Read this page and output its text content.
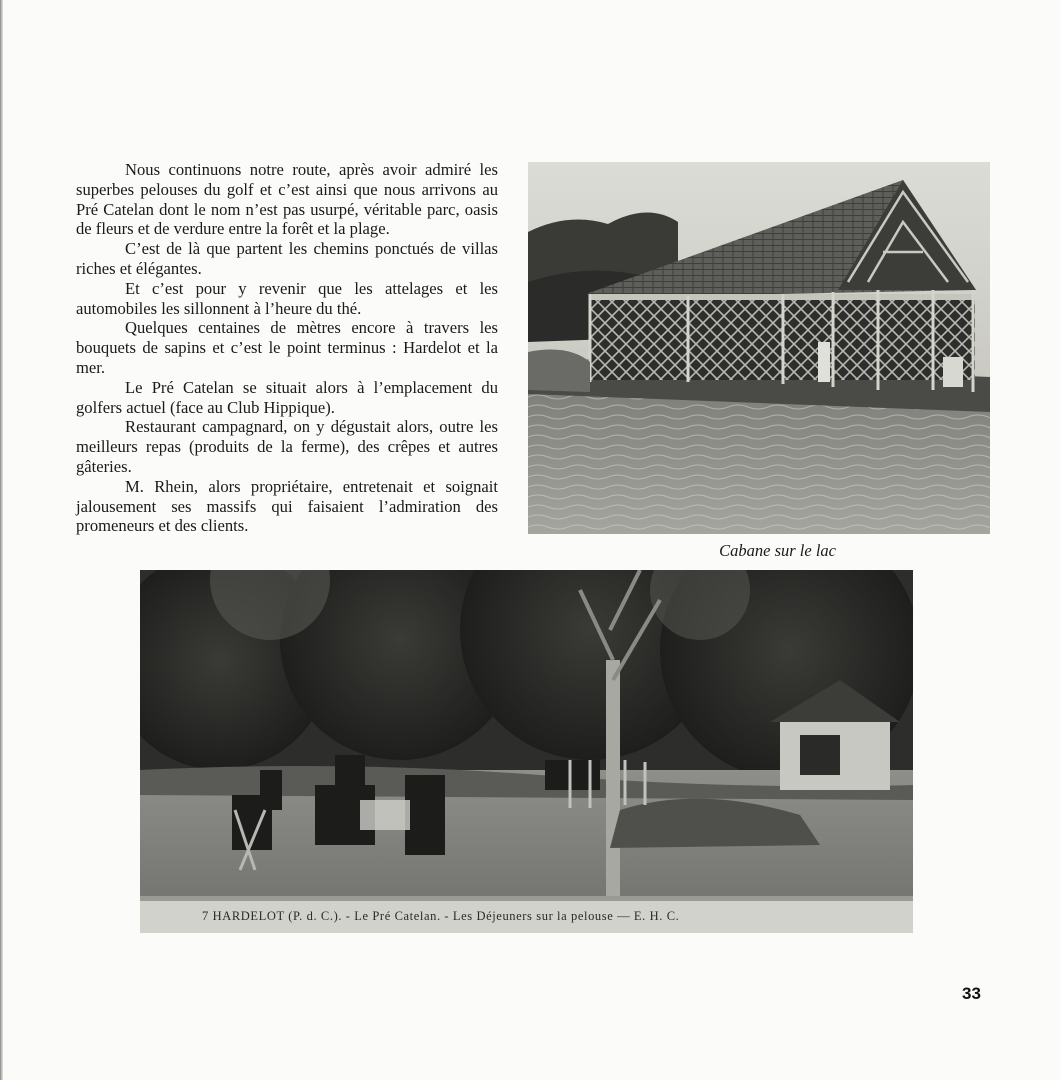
Nous continuons notre route, après avoir admiré les superbes pelouses du golf et c’est ainsi que nous arrivons au Pré Catelan dont le nom n’est pas usurpé, véritable parc, oasis de fleurs et de verdure entre la forêt et la plage.

C’est de là que partent les chemins ponctués de villas riches et élégantes.

Et c’est pour y revenir que les attelages et les automobiles les sillonnent à l’heure du thé.

Quelques centaines de mètres encore à travers les bouquets de sapins et c’est le point terminus : Hardelot et la mer.

Le Pré Catelan se situait alors à l’emplacement du golfers actuel (face au Club Hippique).

Restaurant campagnard, on y dégustait alors, outre les meilleurs repas (produits de la ferme), des crêpes et autres gâteries.

M. Rhein, alors propriétaire, entretenait et soignait jalousement ses massifs qui faisaient l’admiration des promeneurs et des clients.

Cabane sur le lac
7 HARDELOT (P. d. C.). - Le Pré Catelan. - Les Déjeuners sur la pelouse — E. H. C.
33
